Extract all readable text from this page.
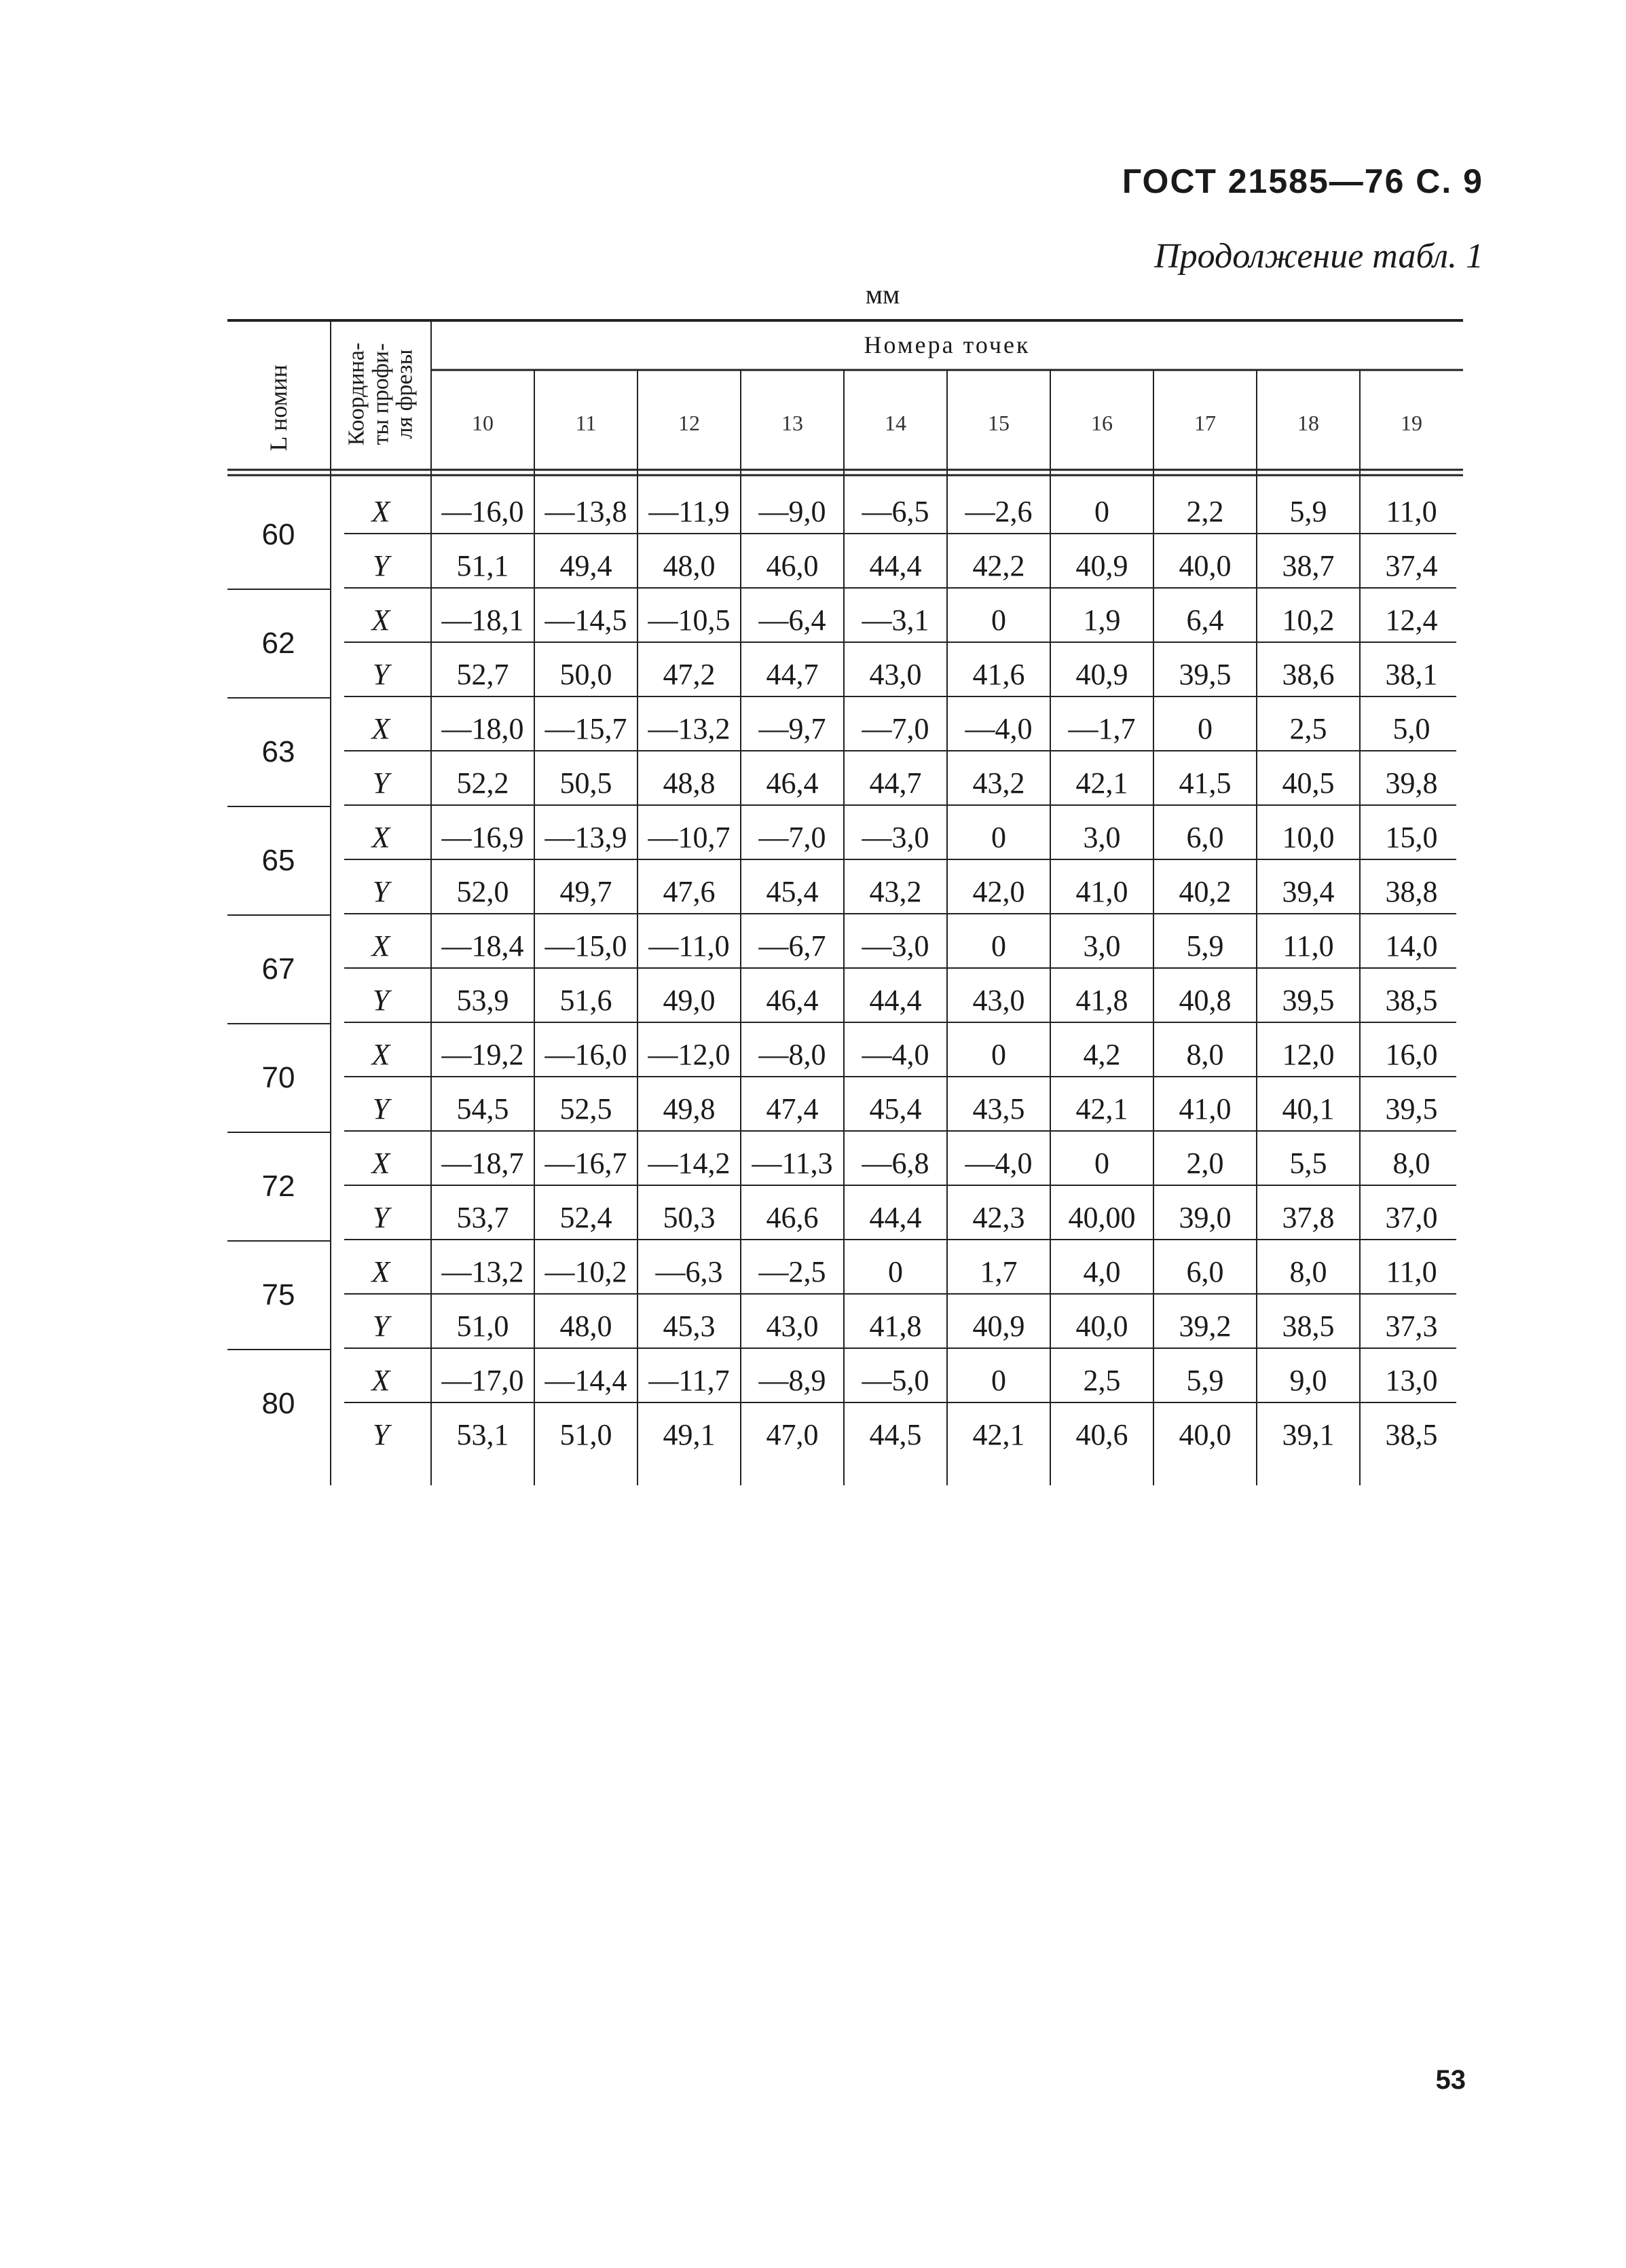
ГОСТ 21585—76 С. 9
Продолжение табл. 1
мм
L номин Координа-
ты профи-
ля фрезы
Номера точек
10	11	12	13	14	15	16	17	18	19
60
X —16,0 —13,8 —11,9 —9,0 —6,5 —2,6 0	2,2 5,9 11,0
Y 51,1 49,4 48,0 46,0 44,4 42,2 40,9 40,0 38,7 37,4
62
X —18,1 —14,5 —10,5 —6,4 —3,1 0	1,9 6,4 10,2 12,4
Y 52,7 50,0 47,2 44,7 43,0 41,6 40,9 39,5 38,6 38,1
63
X —18,0 —15,7 —13,2 —9,7 —7,0 —4,0 —1,7 0	2,5 5,0
Y 52,2 50,5 48,8 46,4 44,7 43,2 42,1 41,5 40,5 39,8
65
X —16,9 —13,9 —10,7 —7,0 —3,0 0	3,0 6,0 10,0 15,0
Y 52,0 49,7 47,6 45,4 43,2 42,0 41,0 40,2 39,4 38,8
67
X —18,4 —15,0 —11,0 —6,7 —3,0 0	3,0 5,9 11,0 14,0
Y 53,9 51,6 49,0 46,4 44,4 43,0 41,8 40,8 39,5 38,5
70
X —19,2 —16,0 —12,0 —8,0 —4,0 0	4,2 8,0 12,0 16,0
Y 54,5 52,5 49,8 47,4 45,4 43,5 42,1 41,0 40,1 39,5
72
X —18,7 —16,7 —14,2 —11,3 —6,8 —4,0 0	2,0 5,5 8,0
Y 53,7 52,4 50,3 46,6 44,4 42,3 40,00 39,0 37,8 37,0
75
X —13,2 —10,2 —6,3 —2,5 0	1,7 4,0 6,0 8,0 11,0
Y 51,0 48,0 45,3 43,0 41,8 40,9 40,0 39,2 38,5 37,3
80
X —17,0 —14,4 —11,7 —8,9 —5,0 0	2,5 5,9 9,0 13,0
Y 53,1 51,0 49,1 47,0 44,5 42,1 40,6 40,0 39,1 38,5
53
